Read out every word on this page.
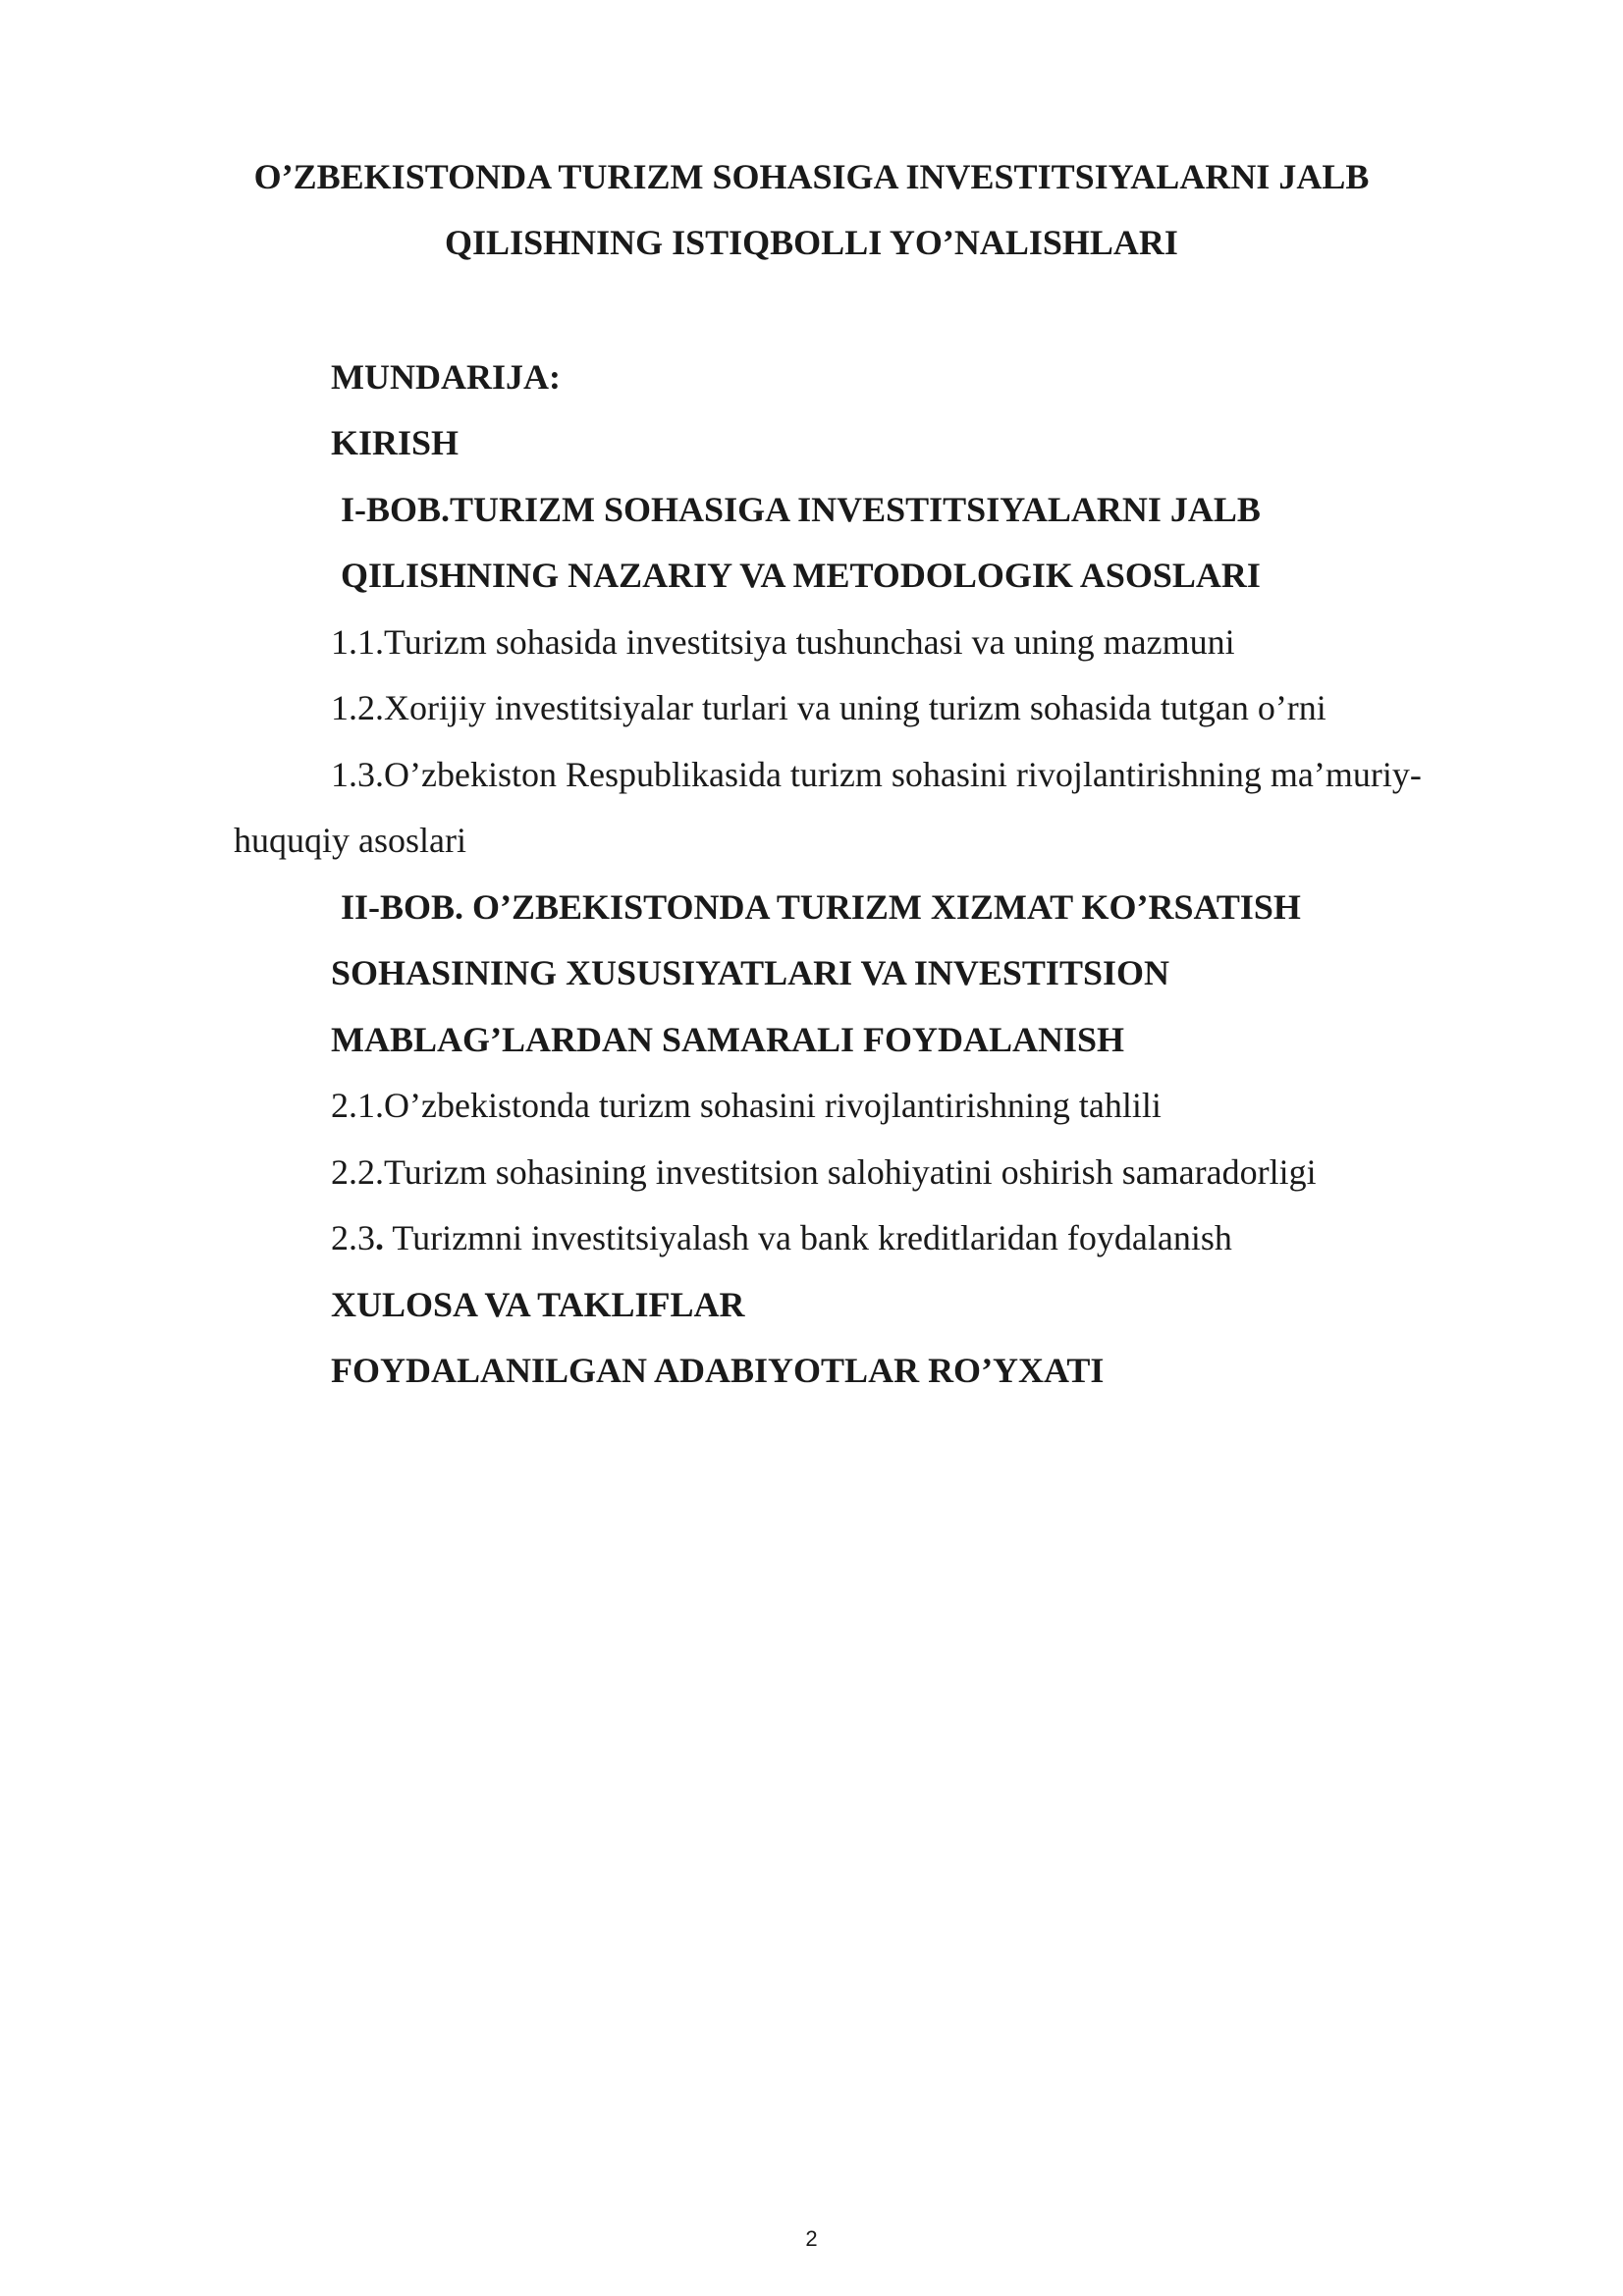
O’ZBEKISTONDA TURIZM SOHASIGA INVESTITSIYALARNI JALB
QILISHNING ISTIQBOLLI YO’NALISHLARI
MUNDARIJA:
KIRISH
I-BOB.TURIZM SOHASIGA INVESTITSIYALARNI JALB
QILISHNING NAZARIY VA METODOLOGIK ASOSLARI
1.1.Turizm sohasida investitsiya tushunchasi va uning mazmuni
1.2.Xorijiy investitsiyalar turlari va uning turizm sohasida tutgan o’rni
1.3.O’zbekiston Respublikasida turizm sohasini rivojlantirishning ma’muriy-
huquqiy asoslari
II-BOB. O’ZBEKISTONDA TURIZM XIZMAT KO’RSATISH
SOHASINING XUSUSIYATLARI VA INVESTITSION
MABLAG’LARDAN SAMARALI FOYDALANISH
2.1.O’zbekistonda turizm sohasini rivojlantirishning tahlili
2.2.Turizm sohasining investitsion salohiyatini oshirish samaradorligi
2.3. Turizmni investitsiyalash va bank kreditlaridan foydalanish
XULOSA VA TAKLIFLAR
FOYDALANILGAN ADABIYOTLAR RO’YXATI
2
